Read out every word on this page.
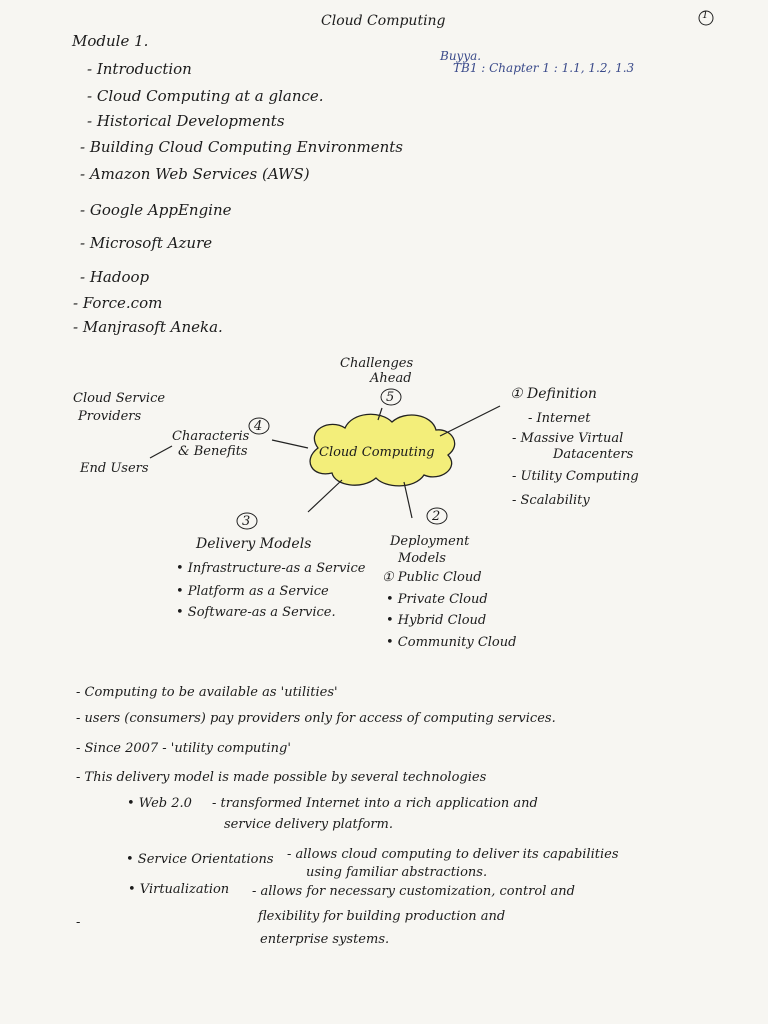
Cloud Computing	1
Buyya.
TB1 : Chapter 1 : 1.1, 1.2, 1.3
Module 1.
- Introduction
- Cloud Computing at a glance.
- Historical Developments
- Building Cloud Computing Environments
- Amazon Web Services (AWS)
- Google AppEngine
- Microsoft Azure
- Hadoop
- Force.com
- Manjrasoft Aneka.
Cloud Computing
Challenges
Ahead
5	① Definition
- Internet
- Massive Virtual
Datacenters
- Utility Computing
- Scalability
Characteris
& Benefits
4
Cloud Service
Providers
End Users
3
Delivery Models
• Infrastructure-as a Service
• Platform as a Service
• Software-as a Service.
2
Deployment
Models
① Public Cloud
• Private Cloud
• Hybrid Cloud
• Community Cloud
- Computing to be available as 'utilities'
- users (consumers) pay providers only for access of computing services.
- Since 2007 - 'utility computing'
- This delivery model is made possible by several technologies
• Web 2.0 - transformed Internet into a rich application and
service delivery platform.
• Service Orientations - allows cloud computing to deliver its capabilities
using familiar abstractions.
• Virtualization - allows for necessary customization, control and
flexibility for building production and
enterprise systems.
-
